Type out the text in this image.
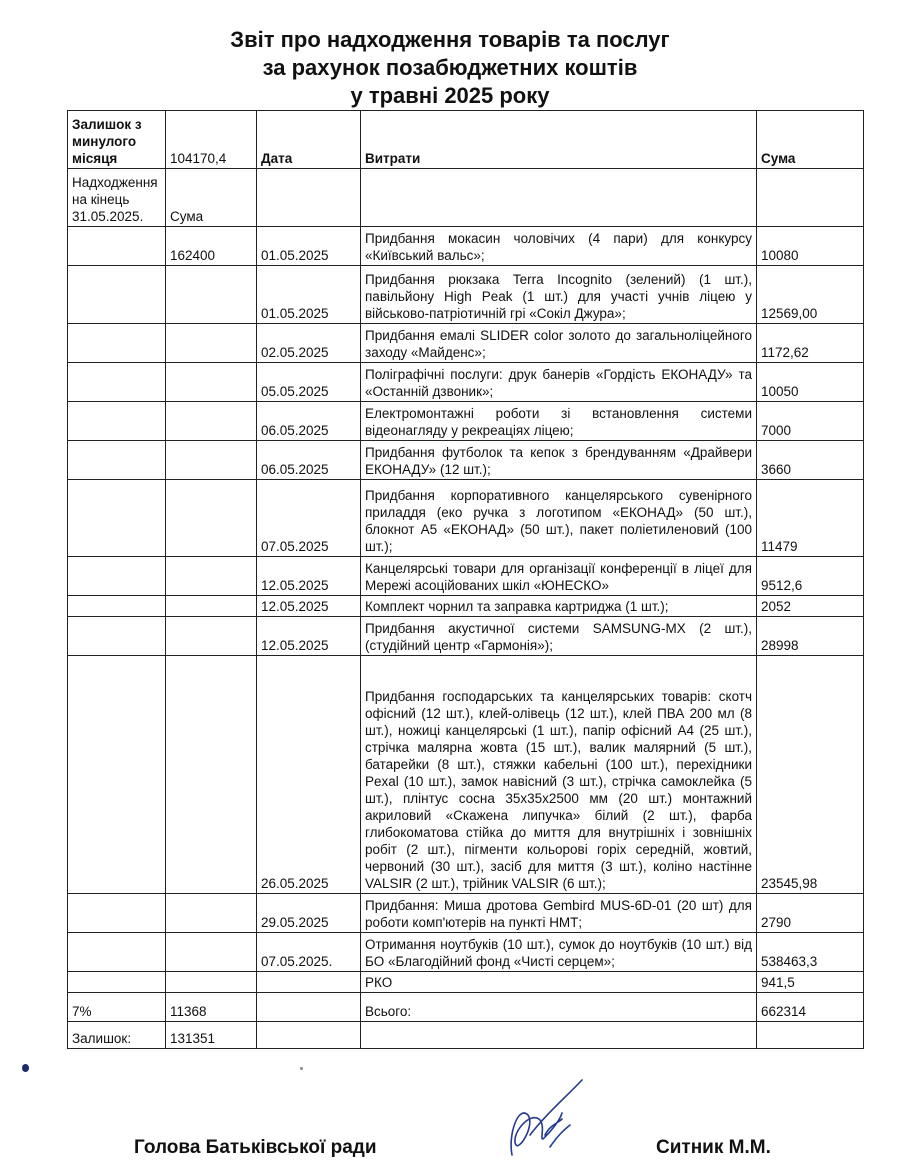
Звіт про надходження товарів та послуг
за рахунок позабюджетних коштів
у травні 2025 року
Залишок з минулого місяця	104170,4	Дата	Витрати	Сума
Надходження на кінець 31.05.2025.	Сума			
	162400	01.05.2025	Придбання мокасин чоловічих (4 пари) для конкурсу «Київський вальс»;	10080
		01.05.2025	Придбання рюкзака Terra Incognito (зелений) (1 шт.), павільйону High Peak (1 шт.) для участі учнів ліцею у військово-патріотичній грі «Сокіл Джура»;	12569,00
		02.05.2025	Придбання емалі SLIDER color золото до загальноліцейного заходу «Майденс»;	1172,62
		05.05.2025	Поліграфічні послуги: друк банерів «Гордість ЕКОНАДУ» та «Останній дзвоник»;	10050
		06.05.2025	Електромонтажні роботи зі встановлення системи відеонагляду у рекреаціях ліцею;	7000
		06.05.2025	Придбання футболок та кепок з брендуванням «Драйвери ЕКОНАДУ» (12 шт.);	3660
		07.05.2025	Придбання корпоративного канцелярського сувенірного приладдя (еко ручка з логотипом «ЕКОНАД» (50 шт.), блокнот А5 «ЕКОНАД» (50 шт.), пакет поліетиленовий (100 шт.);	11479
		12.05.2025	Канцелярські товари для організації конференції в ліцеї для Мережі асоційованих шкіл «ЮНЕСКО»	9512,6
		12.05.2025	Комплект чорнил та заправка картриджа (1 шт.);	2052
		12.05.2025	Придбання акустичної системи SAMSUNG-MX (2 шт.), (студійний центр «Гармонія»);	28998
		26.05.2025	Придбання господарських та канцелярських товарів: скотч офісний (12 шт.), клей-олівець (12 шт.), клей ПВА 200 мл (8 шт.), ножиці канцелярські (1 шт.), папір офісний А4 (25 шт.), стрічка малярна жовта (15 шт.), валик малярний (5 шт.), батарейки (8 шт.), стяжки кабельні (100 шт.), перехідники Pexal (10 шт.), замок навісний (3 шт.), стрічка самоклейка (5 шт.), плінтус сосна 35х35х2500 мм (20 шт.) монтажний акриловий «Скажена липучка» білий (2 шт.), фарба глибокоматова стійка до миття для внутрішніх і зовнішніх робіт (2 шт.), пігменти кольорові горіх середній, жовтий, червоний (30 шт.), засіб для миття (3 шт.), коліно настінне VALSIR (2 шт.), трійник VALSIR (6 шт.);	23545,98
		29.05.2025	Придбання: Миша дротова Gembird MUS-6D-01 (20 шт) для роботи комп'ютерів на пункті НМТ;	2790
		07.05.2025.	Отримання ноутбуків (10 шт.), сумок до ноутбуків (10 шт.) від БО «Благодійний фонд «Чисті серцем»;	538463,3
			РКО	941,5
7%	11368		Всього:	662314
Залишок:	131351			
Голова Батьківської ради	Ситник М.М.
